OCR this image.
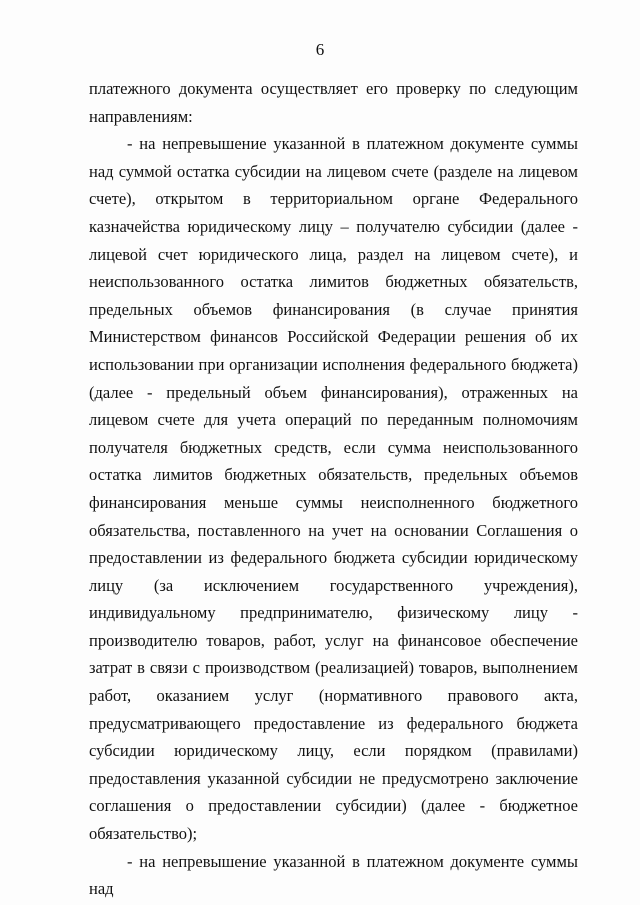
6

платежного документа осуществляет его проверку по следующим направлениям:

- на непревышение указанной в платежном документе суммы над суммой остатка субсидии на лицевом счете (разделе на лицевом счете), открытом в территориальном органе Федерального казначейства юридическому лицу – получателю субсидии (далее - лицевой счет юридического лица, раздел на лицевом счете), и неиспользованного остатка лимитов бюджетных обязательств, предельных объемов финансирования (в случае принятия Министерством финансов Российской Федерации решения об их использовании при организации исполнения федерального бюджета) (далее - предельный объем финансирования), отраженных на лицевом счете для учета операций по переданным полномочиям получателя бюджетных средств, если сумма неиспользованного остатка лимитов бюджетных обязательств, предельных объемов финансирования меньше суммы неисполненного бюджетного обязательства, поставленного на учет на основании Соглашения о предоставлении из федерального бюджета субсидии юридическому лицу (за исключением государственного учреждения), индивидуальному предпринимателю, физическому лицу - производителю товаров, работ, услуг на финансовое обеспечение затрат в связи с производством (реализацией) товаров, выполнением работ, оказанием услуг (нормативного правового акта, предусматривающего предоставление из федерального бюджета субсидии юридическому лицу, если порядком (правилами) предоставления указанной субсидии не предусмотрено заключение соглашения о предоставлении субсидии) (далее - бюджетное обязательство);

- на непревышение указанной в платежном документе суммы над
